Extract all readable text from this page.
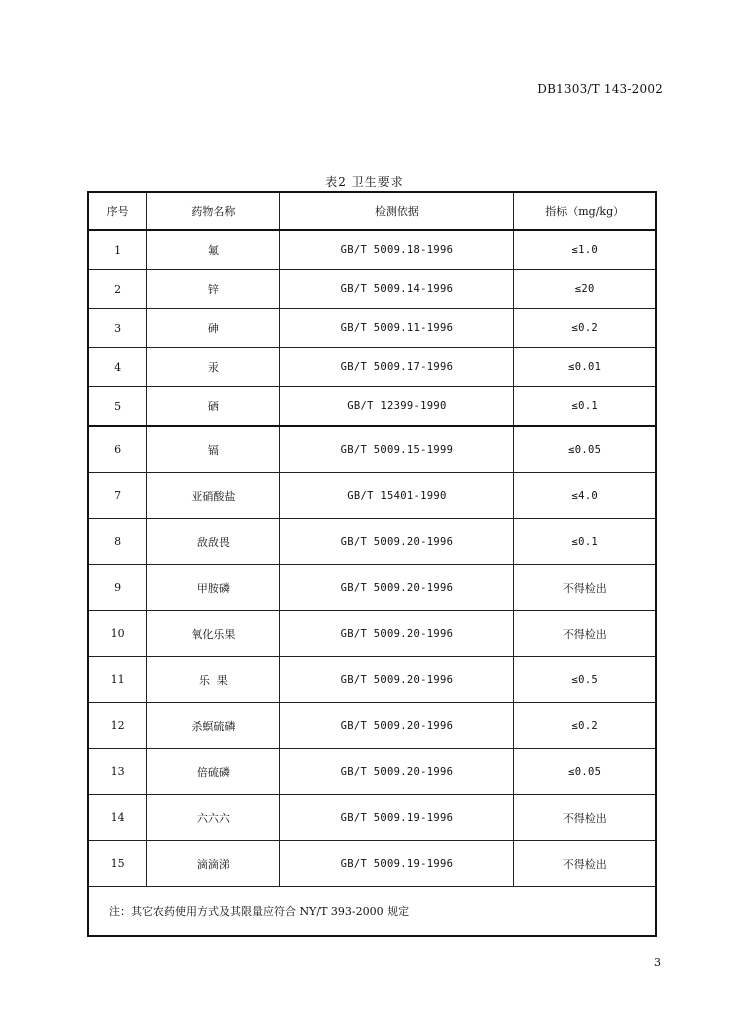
DB1303/T 143-2002
表2 卫生要求
序号	药物名称	检测依据	指标（mg/kg）
1	氟	GB/T 5009.18-1996	≤1.0
2	锌	GB/T 5009.14-1996	≤20
3	砷	GB/T 5009.11-1996	≤0.2
4	汞	GB/T 5009.17-1996	≤0.01
5	硒	GB/T 12399-1990	≤0.1
6	镉	GB/T 5009.15-1999	≤0.05
7	亚硝酸盐	GB/T 15401-1990	≤4.0
8	敌敌畏	GB/T 5009.20-1996	≤0.1
9	甲胺磷	GB/T 5009.20-1996	不得检出
10	氧化乐果	GB/T 5009.20-1996	不得检出
11	乐  果	GB/T 5009.20-1996	≤0.5
12	杀螟硫磷	GB/T 5009.20-1996	≤0.2
13	倍硫磷	GB/T 5009.20-1996	≤0.05
14	六六六	GB/T 5009.19-1996	不得检出
15	滴滴涕	GB/T 5009.19-1996	不得检出
注：其它农药使用方式及其限量应符合 NY/T 393-2000 规定			
3
